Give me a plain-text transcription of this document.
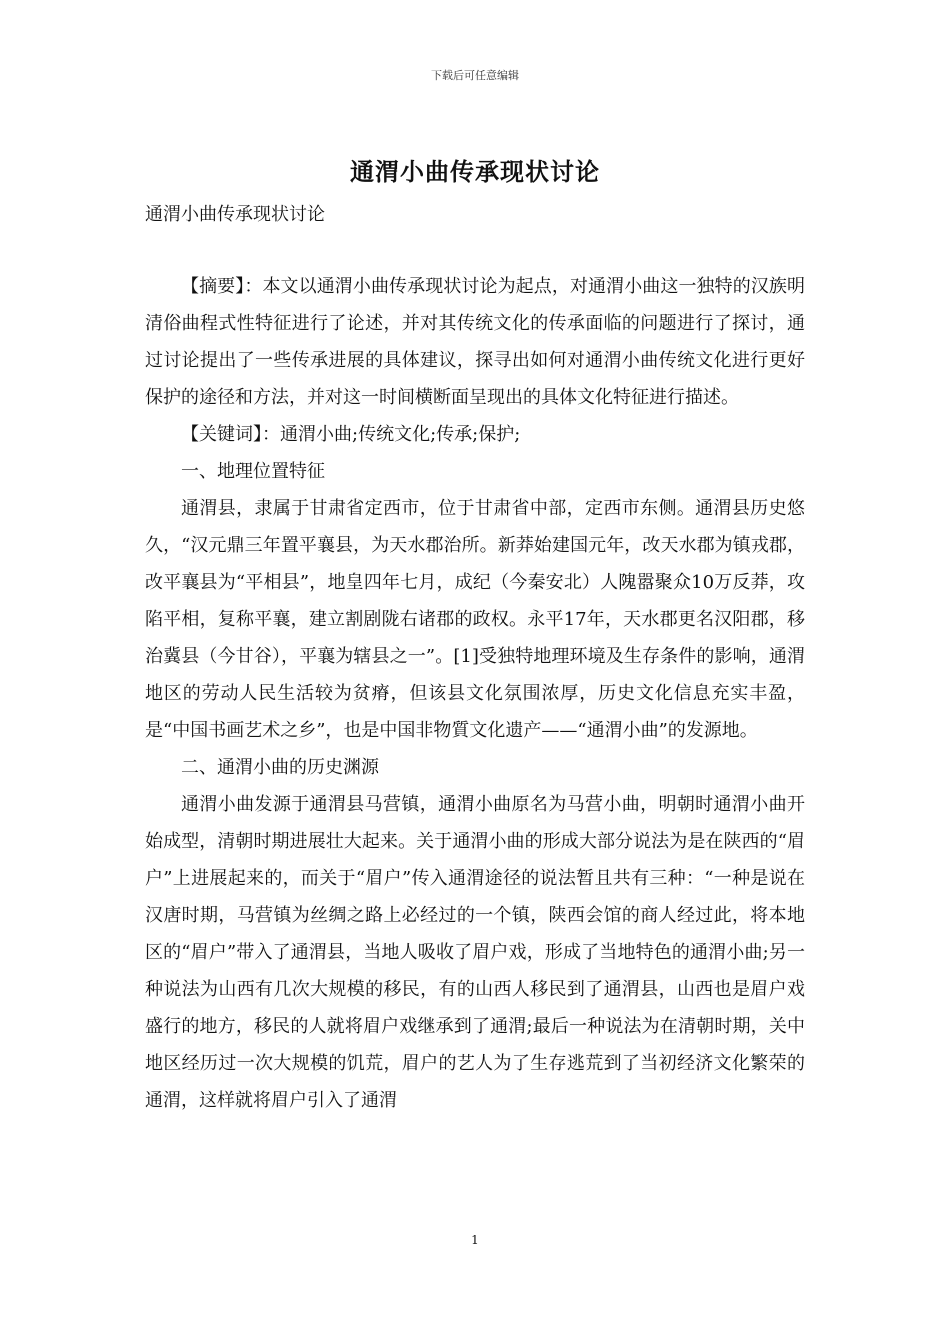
下载后可任意编辑
通渭小曲传承现状讨论
通渭小曲传承现状讨论

【摘要】：本文以通渭小曲传承现状讨论为起点，对通渭小曲这一独特的汉族明清俗曲程式性特征进行了论述，并对其传统文化的传承面临的问题进行了探讨，通过讨论提出了一些传承进展的具体建议，探寻出如何对通渭小曲传统文化进行更好保护的途径和方法，并对这一时间横断面呈现出的具体文化特征进行描述。

【关键词】：通渭小曲;传统文化;传承;保护;

一、地理位置特征

通渭县，隶属于甘肃省定西市，位于甘肃省中部，定西市东侧。通渭县历史悠久，“汉元鼎三年置平襄县，为天水郡治所。新莽始建国元年，改天水郡为镇戎郡，改平襄县为“平相县”，地皇四年七月，成纪（今秦安北）人隗嚣聚众10万反莽，攻陷平相，复称平襄，建立割剧陇右诸郡的政权。永平17年，天水郡更名汉阳郡，移治冀县（今甘谷），平襄为辖县之一”。[1]受独特地理环境及生存条件的影响，通渭地区的劳动人民生活较为贫瘠，但该县文化氛围浓厚，历史文化信息充实丰盈，是“中国书画艺术之乡”，也是中国非物質文化遗产——“通渭小曲”的发源地。

二、通渭小曲的历史渊源

通渭小曲发源于通渭县马营镇，通渭小曲原名为马营小曲，明朝时通渭小曲开始成型，清朝时期进展壮大起来。关于通渭小曲的形成大部分说法为是在陕西的“眉户”上进展起来的，而关于“眉户”传入通渭途径的说法暂且共有三种：“一种是说在汉唐时期，马营镇为丝绸之路上必经过的一个镇，陕西会馆的商人经过此，将本地区的“眉户”带入了通渭县，当地人吸收了眉户戏，形成了当地特色的通渭小曲;另一种说法为山西有几次大规模的移民，有的山西人移民到了通渭县，山西也是眉户戏盛行的地方，移民的人就将眉户戏继承到了通渭;最后一种说法为在清朝时期，关中地区经历过一次大规模的饥荒，眉户的艺人为了生存逃荒到了当初经济文化繁荣的通渭，这样就将眉户引入了通渭

1
